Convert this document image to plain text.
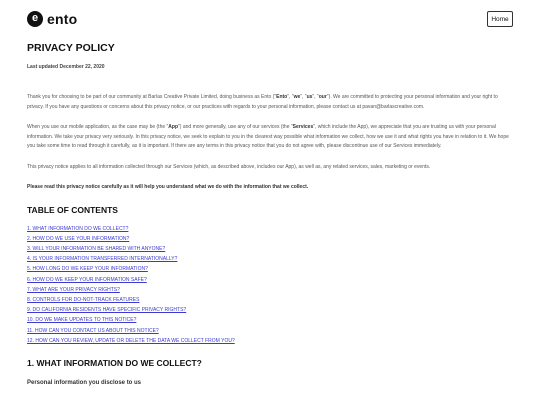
e ento	Home
PRIVACY POLICY
Last updated December 22, 2020

Thank you for choosing to be part of our community at Barlas Creative Private Limited, doing business as Ento ("Ento", "we", "us", "our"). We are committed to protecting your personal information and your right to privacy. If you have any questions or concerns about this privacy notice, or our practices with regards to your personal information, please contact us at pavan@barlascreative.com.

When you use our mobile application, as the case may be (the "App") and more generally, use any of our services (the "Services", which include the App), we appreciate that you are trusting us with your personal information. We take your privacy very seriously. In this privacy notice, we seek to explain to you in the clearest way possible what information we collect, how we use it and what rights you have in relation to it. We hope you take some time to read through it carefully, as it is important. If there are any terms in this privacy notice that you do not agree with, please discontinue use of our Services immediately.

This privacy notice applies to all information collected through our Services (which, as described above, includes our App), as well as, any related services, sales, marketing or events.

Please read this privacy notice carefully as it will help you understand what we do with the information that we collect.

TABLE OF CONTENTS
1. WHAT INFORMATION DO WE COLLECT?
2. HOW DO WE USE YOUR INFORMATION?
3. WILL YOUR INFORMATION BE SHARED WITH ANYONE?
4. IS YOUR INFORMATION TRANSFERRED INTERNATIONALLY?
5. HOW LONG DO WE KEEP YOUR INFORMATION?
6. HOW DO WE KEEP YOUR INFORMATION SAFE?
7. WHAT ARE YOUR PRIVACY RIGHTS?
8. CONTROLS FOR DO-NOT-TRACK FEATURES
9. DO CALIFORNIA RESIDENTS HAVE SPECIFIC PRIVACY RIGHTS?
10. DO WE MAKE UPDATES TO THIS NOTICE?
11. HOW CAN YOU CONTACT US ABOUT THIS NOTICE?
12. HOW CAN YOU REVIEW, UPDATE OR DELETE THE DATA WE COLLECT FROM YOU?
1. WHAT INFORMATION DO WE COLLECT?
Personal information you disclose to us
